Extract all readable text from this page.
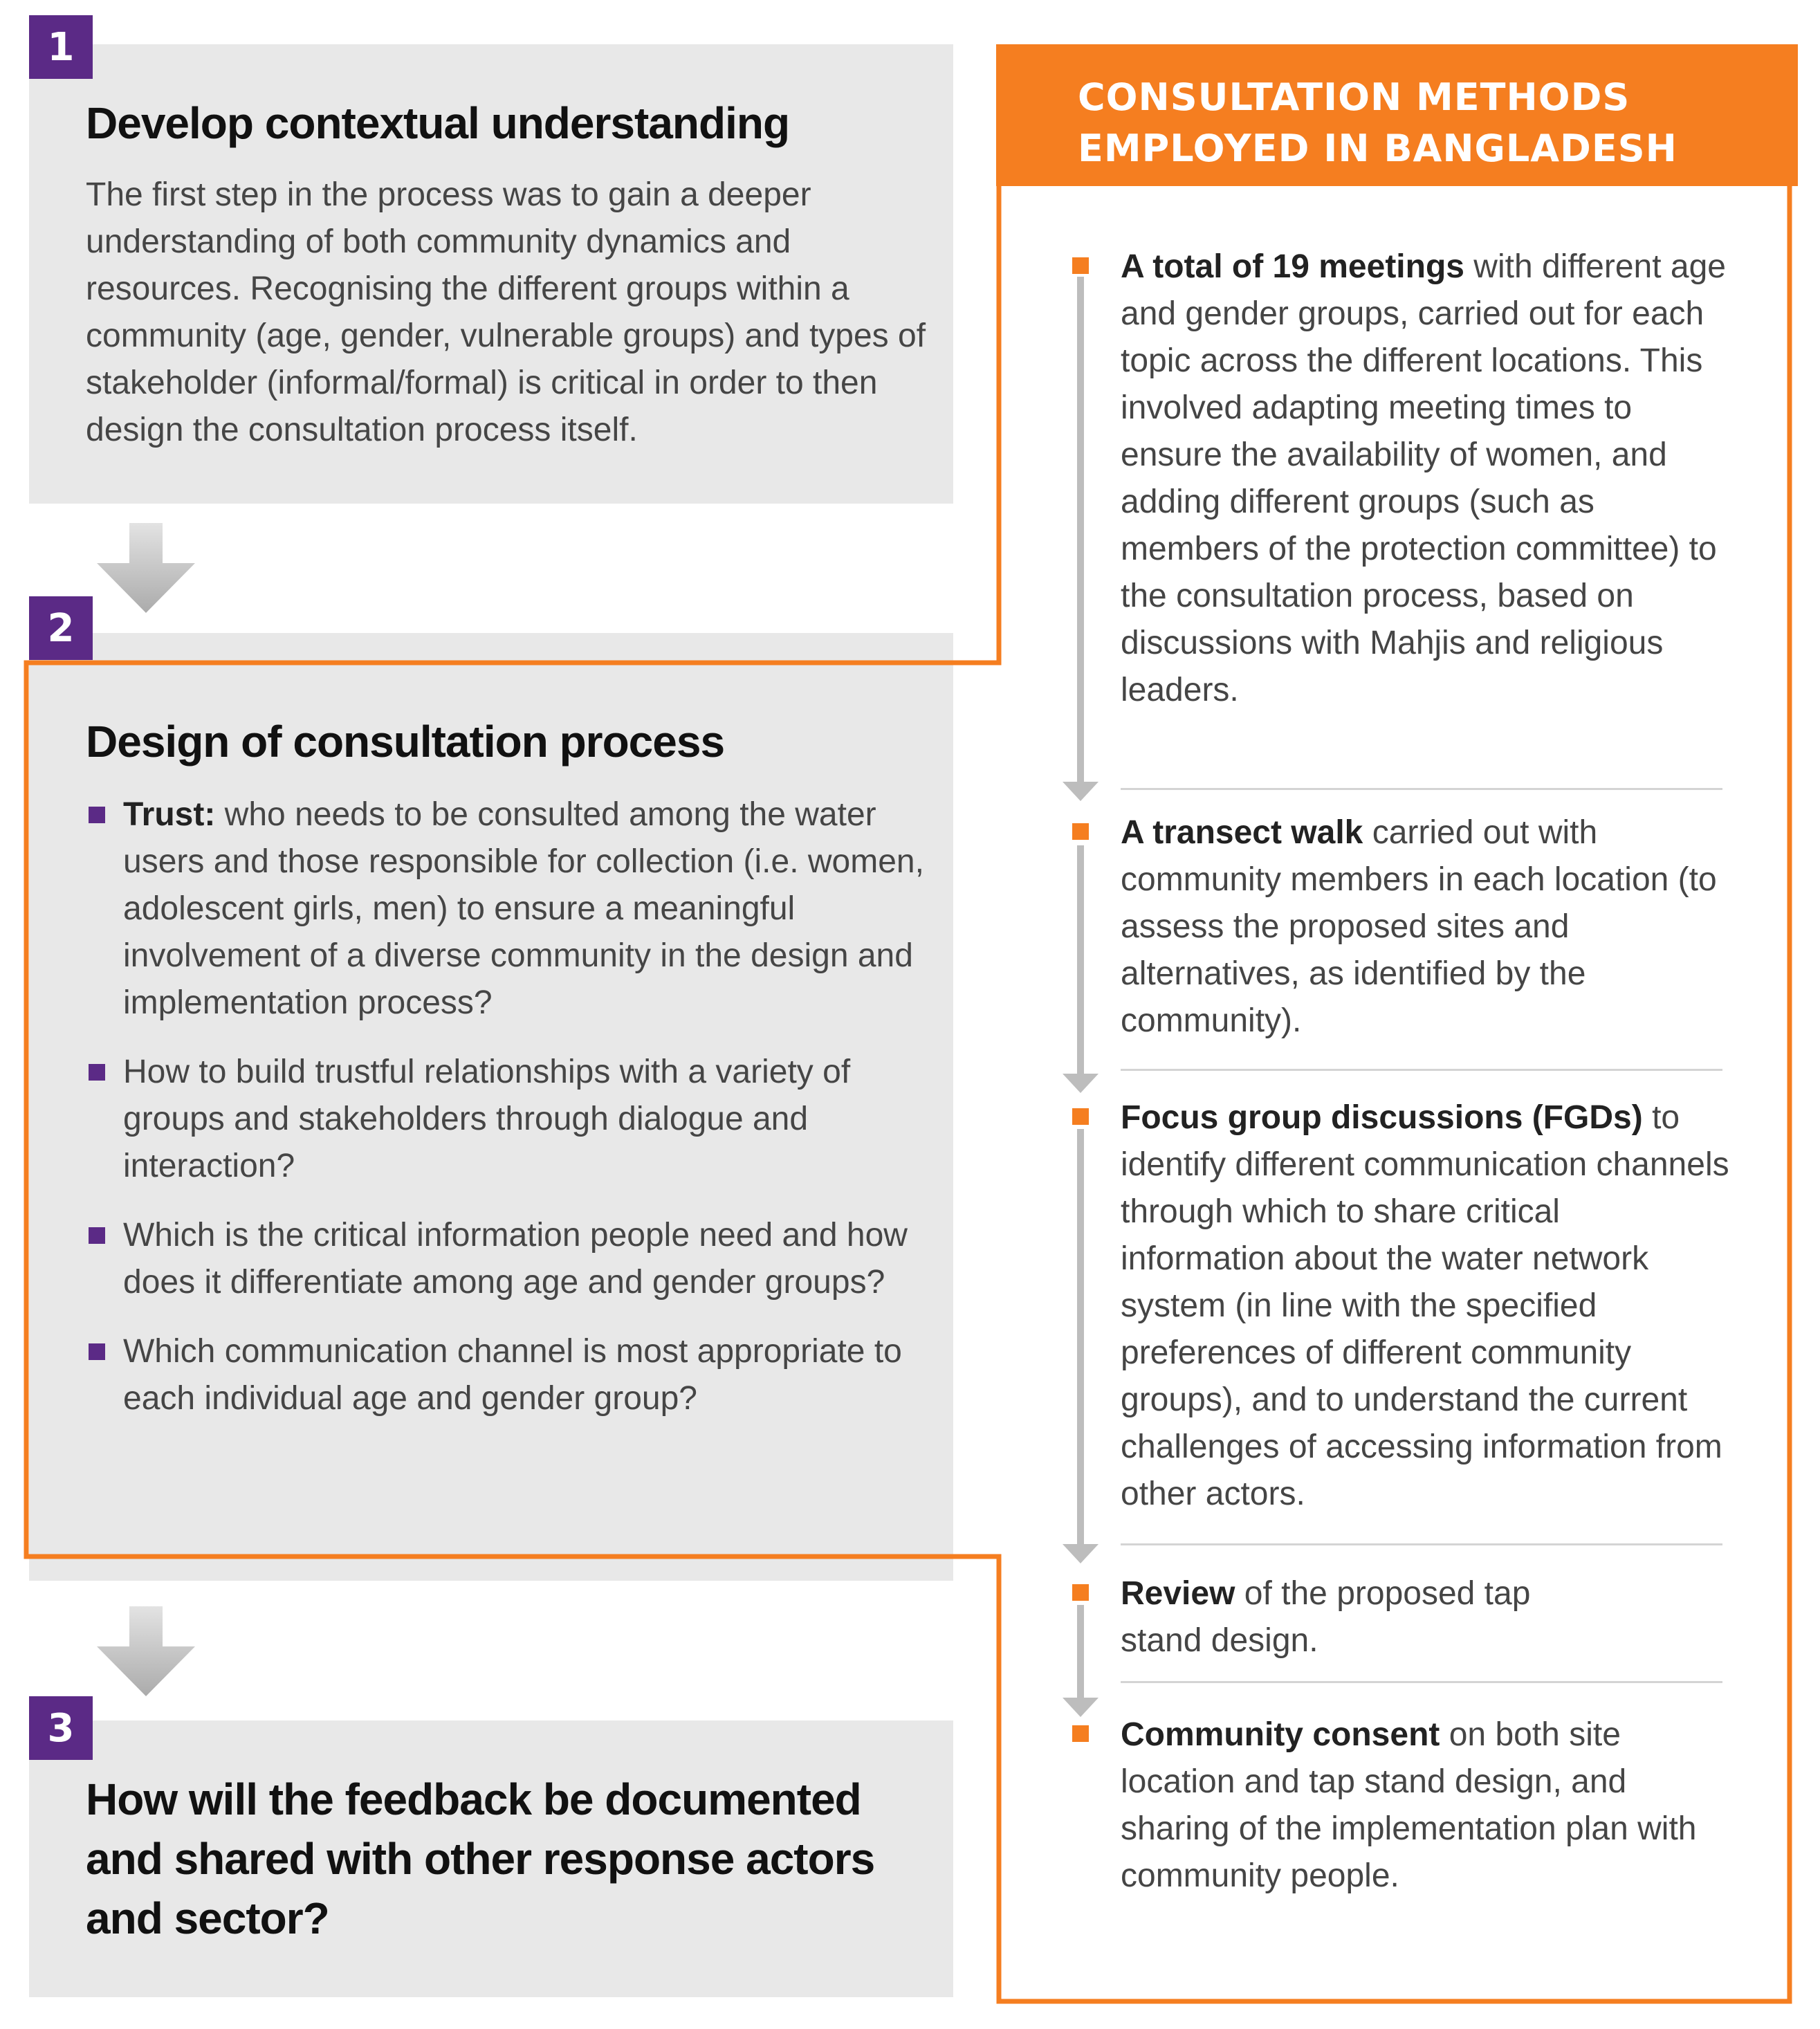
1
2
3
Develop contextual understanding

The first step in the process was to gain a deeper understanding of both community dynamics and resources. Recognising the different groups within a community (age, gender, vulnerable groups) and types of stakeholder (informal/formal) is critical in order to then design the consultation process itself.

Design of consultation process
Trust: who needs to be consulted among the water users and those responsible for collection (i.e. women, adolescent girls, men) to ensure a meaningful involvement of a diverse community in the design and implementation process?
How to build trustful relationships with a variety of groups and stakeholders through dialogue and interaction?
Which is the critical information people need and how does it differentiate among age and gender groups?
Which communication channel is most appropriate to each individual age and gender group?
How will the feedback be documented and shared with other response actors and sector?
CONSULTATION METHODS
EMPLOYED IN BANGLADESH
A total of 19 meetings with different age and gender groups, carried out for each topic across the different locations. This involved adapting meeting times to ensure the availability of women, and adding different groups (such as members of the protection committee) to the consultation process, based on discussions with Mahjis and religious leaders.
A transect walk carried out with community members in each location (to assess the proposed sites and alternatives, as identified by the community).
Focus group discussions (FGDs) to identify different communication channels through which to share critical information about the water network system (in line with the specified preferences of different community groups), and to understand the current challenges of accessing information from other actors.
Review of the proposed tap stand design.
Community consent on both site location and tap stand design, and sharing of the implementation plan with community people.
